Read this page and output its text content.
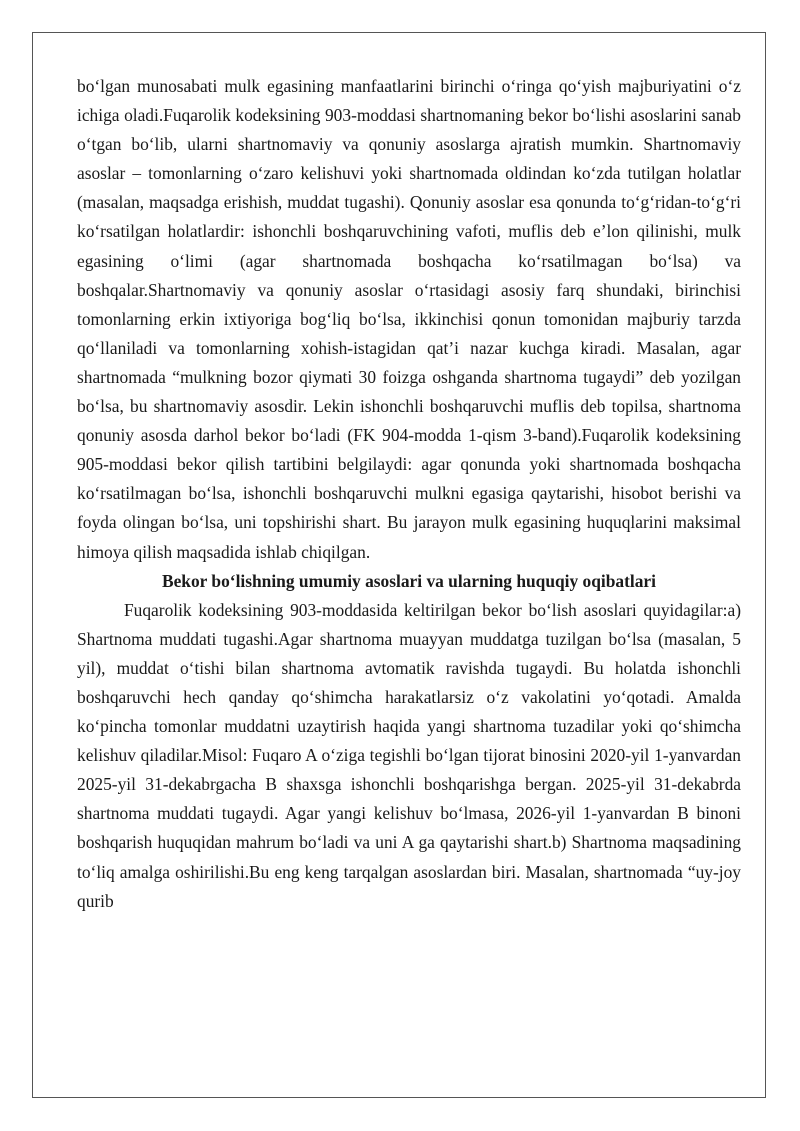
bo‘lgan munosabati mulk egasining manfaatlarini birinchi o‘ringa qo‘yish majburiyatini o‘z ichiga oladi.Fuqarolik kodeksining 903-moddasi shartnomaning bekor bo‘lishi asoslarini sanab o‘tgan bo‘lib, ularni shartnomaviy va qonuniy asoslarga ajratish mumkin. Shartnomaviy asoslar – tomonlarning o‘zaro kelishuvi yoki shartnomada oldindan ko‘zda tutilgan holatlar (masalan, maqsadga erishish, muddat tugashi). Qonuniy asoslar esa qonunda to‘g‘ridan-to‘g‘ri ko‘rsatilgan holatlardir: ishonchli boshqaruvchining vafoti, muflis deb e’lon qilinishi, mulk egasining o‘limi (agar shartnomada boshqacha ko‘rsatilmagan bo‘lsa) va boshqalar.Shartnomaviy va qonuniy asoslar o‘rtasidagi asosiy farq shundaki, birinchisi tomonlarning erkin ixtiyoriga bog‘liq bo‘lsa, ikkinchisi qonun tomonidan majburiy tarzda qo‘llaniladi va tomonlarning xohish-istagidan qat’i nazar kuchga kiradi. Masalan, agar shartnomada “mulkning bozor qiymati 30 foizga oshganda shartnoma tugaydi” deb yozilgan bo‘lsa, bu shartnomaviy asosdir. Lekin ishonchli boshqaruvchi muflis deb topilsa, shartnoma qonuniy asosda darhol bekor bo‘ladi (FK 904-modda 1-qism 3-band).Fuqarolik kodeksining 905-moddasi bekor qilish tartibini belgilaydi: agar qonunda yoki shartnomada boshqacha ko‘rsatilmagan bo‘lsa, ishonchli boshqaruvchi mulkni egasiga qaytarishi, hisobot berishi va foyda olingan bo‘lsa, uni topshirishi shart. Bu jarayon mulk egasining huquqlarini maksimal himoya qilish maqsadida ishlab chiqilgan.

Bekor bo‘lishning umumiy asoslari va ularning huquqiy oqibatlari

Fuqarolik kodeksining 903-moddasida keltirilgan bekor bo‘lish asoslari quyidagilar:a) Shartnoma muddati tugashi.Agar shartnoma muayyan muddatga tuzilgan bo‘lsa (masalan, 5 yil), muddat o‘tishi bilan shartnoma avtomatik ravishda tugaydi. Bu holatda ishonchli boshqaruvchi hech qanday qo‘shimcha harakatlarsiz o‘z vakolatini yo‘qotadi. Amalda ko‘pincha tomonlar muddatni uzaytirish haqida yangi shartnoma tuzadilar yoki qo‘shimcha kelishuv qiladilar.Misol: Fuqaro A o‘ziga tegishli bo‘lgan tijorat binosini 2020-yil 1-yanvardan 2025-yil 31-dekabrgacha B shaxsga ishonchli boshqarishga bergan. 2025-yil 31-dekabrda shartnoma muddati tugaydi. Agar yangi kelishuv bo‘lmasa, 2026-yil 1-yanvardan B binoni boshqarish huquqidan mahrum bo‘ladi va uni A ga qaytarishi shart.b) Shartnoma maqsadining to‘liq amalga oshirilishi.Bu eng keng tarqalgan asoslardan biri. Masalan, shartnomada “uy-joy qurib
